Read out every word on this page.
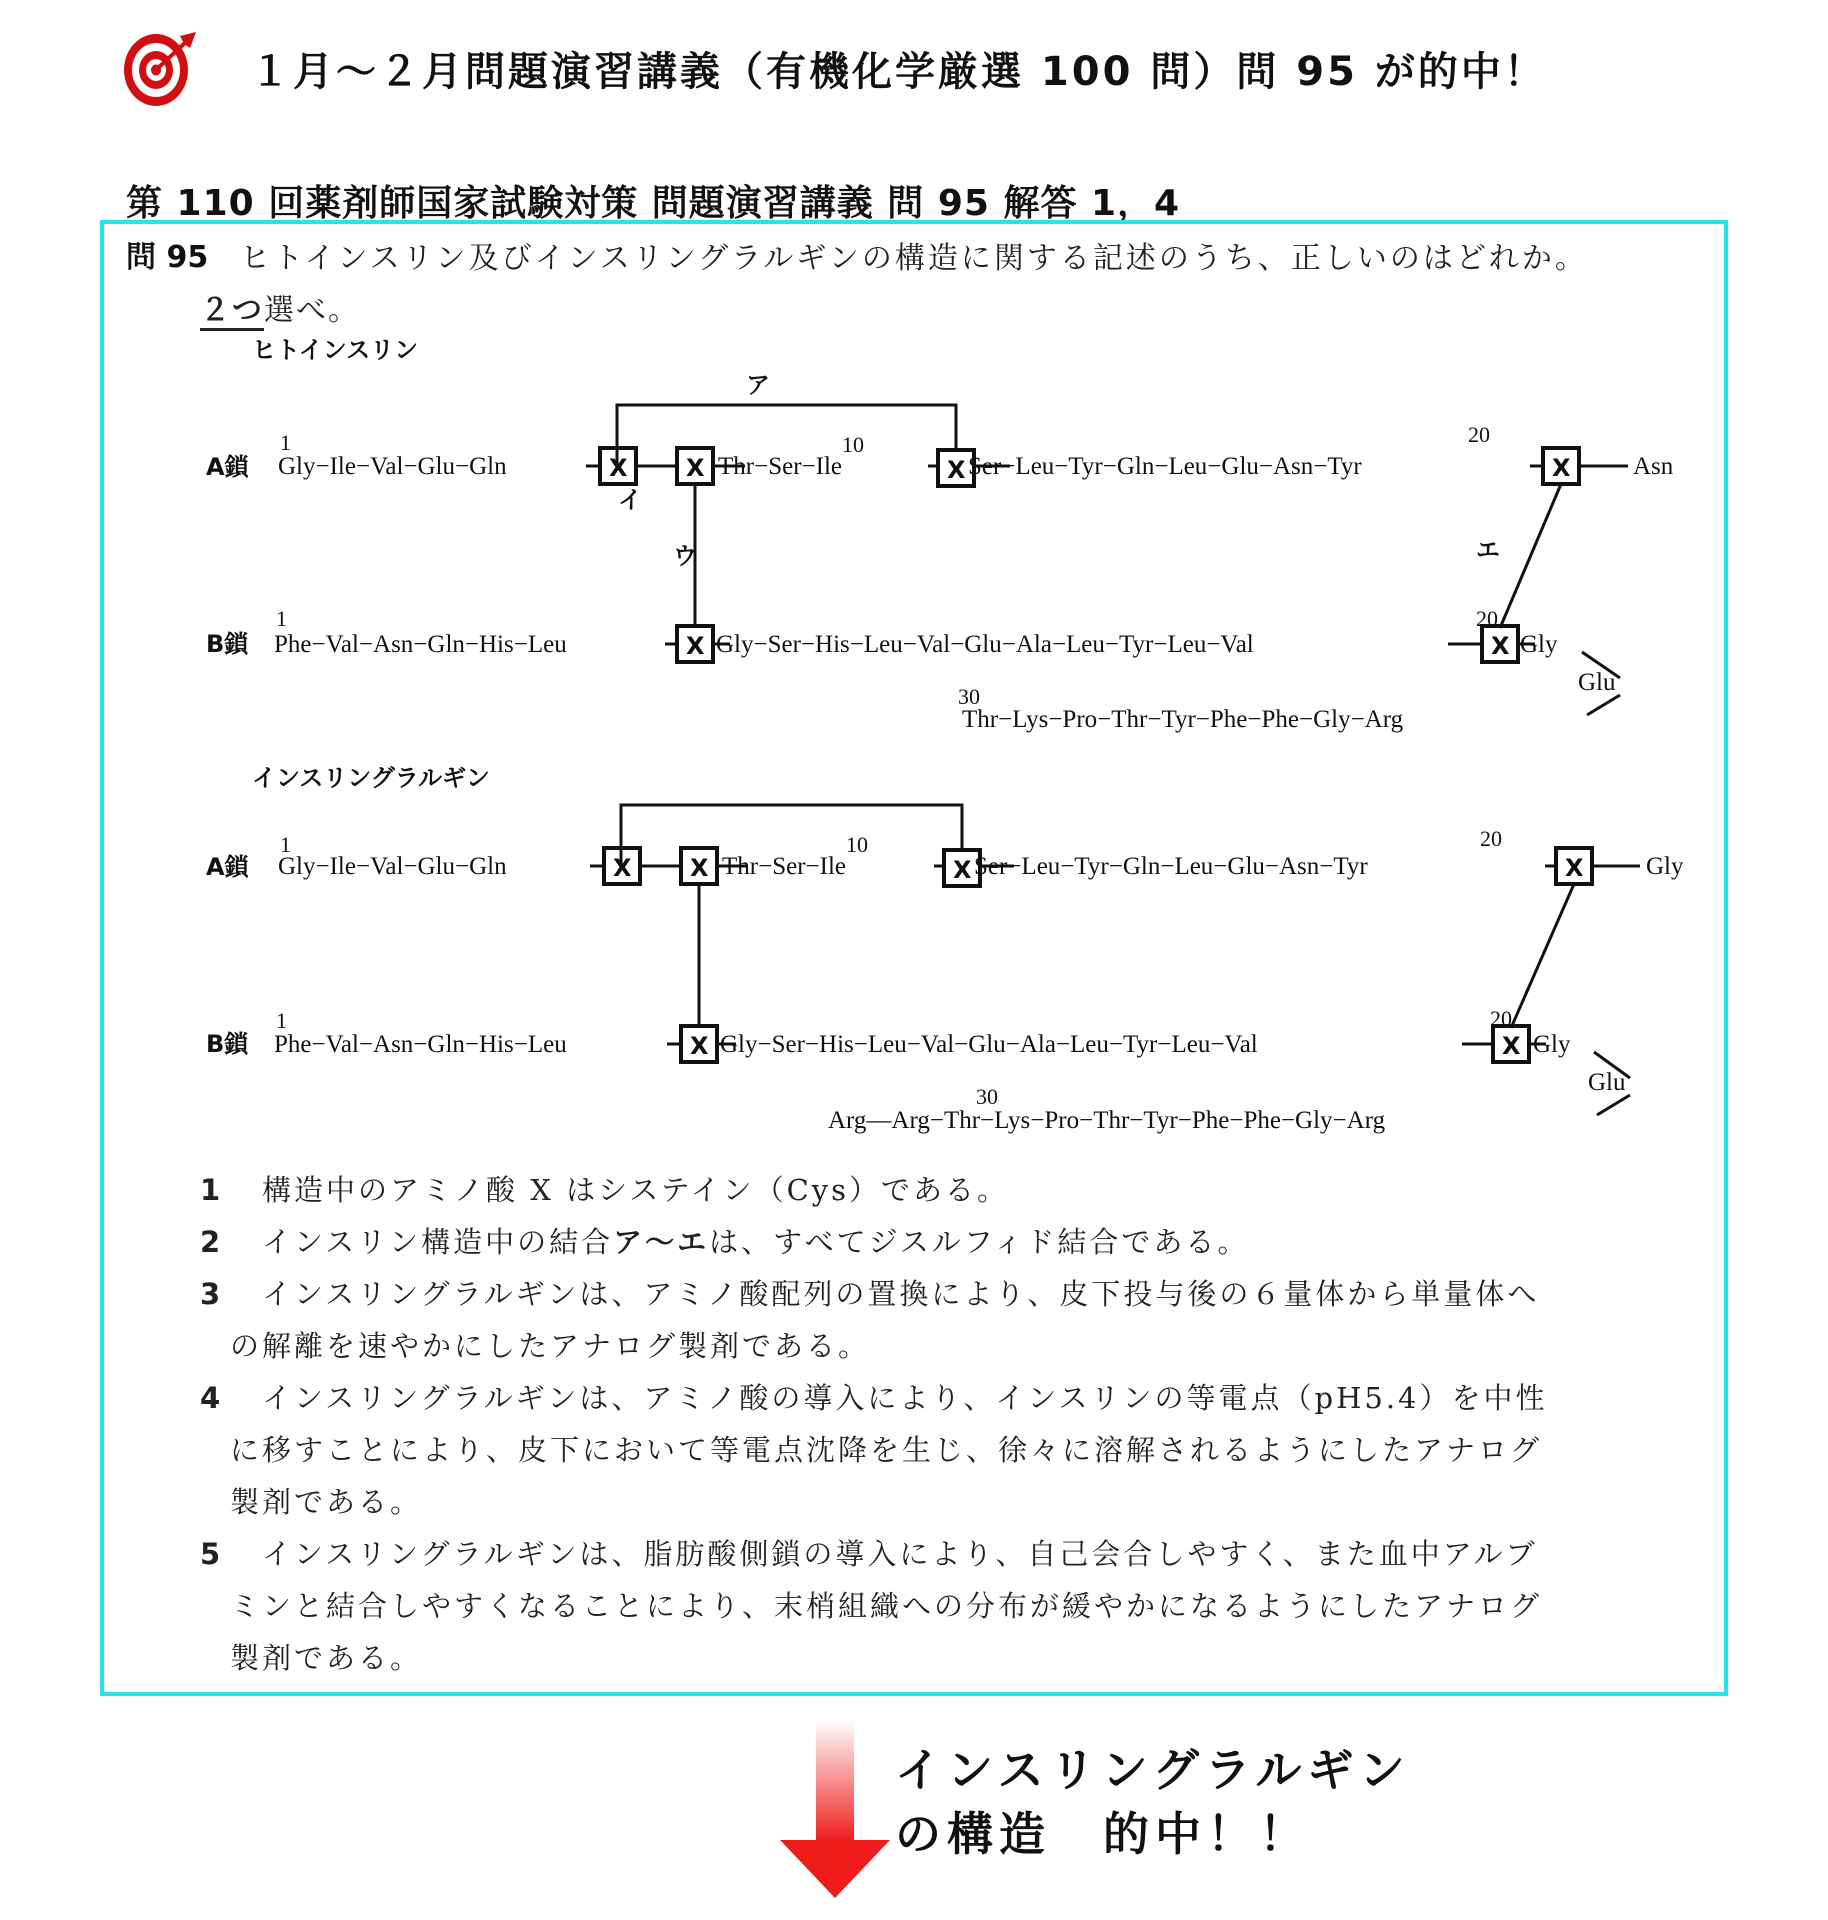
１月～２月問題演習講義（有機化学厳選 100 問）問 95 が的中！
第 110 回薬剤師国家試験対策 問題演習講義 問 95 解答 1，4
問 95 ヒトインスリン及びインスリングラルギンの構造に関する記述のうち、正しいのはどれか。
２つ選べ。
ヒトインスリン
ア
イ
ウ	エ
A鎖
1
Gly−Ile−Val−Glu−Gln	Thr−Ser−Ile
10
Ser−Leu−Tyr−Gln−Leu−Glu−Asn−Tyr
20
Asn
B鎖
1
Phe−Val−Asn−Gln−His−Leu	Gly−Ser−His−Leu−Val−Glu−Ala−Leu−Tyr−Leu−Val
20
Gly
Glu
30
Thr−Lys−Pro−Thr−Tyr−Phe−Phe−Gly−Arg
X X	X	X
X	X
インスリングラルギン
A鎖
1
Gly−Ile−Val−Glu−Gln	Thr−Ser−Ile
10
Ser−Leu−Tyr−Gln−Leu−Glu−Asn−Tyr
20
Gly
B鎖
1
Phe−Val−Asn−Gln−His−Leu	Gly−Ser−His−Leu−Val−Glu−Ala−Leu−Tyr−Leu−Val
20
Gly
Glu
30
Arg—Arg−Thr−Lys−Pro−Thr−Tyr−Phe−Phe−Gly−Arg
X X	X	X
X	X
1 構造中のアミノ酸 X はシステイン（Cys）である。
2 インスリン構造中の結合ア～エは、すべてジスルフィド結合である。
3 インスリングラルギンは、アミノ酸配列の置換により、皮下投与後の６量体から単量体へ
の解離を速やかにしたアナログ製剤である。
4 インスリングラルギンは、アミノ酸の導入により、インスリンの等電点（pH5.4）を中性
に移すことにより、皮下において等電点沈降を生じ、徐々に溶解されるようにしたアナログ
製剤である。
5 インスリングラルギンは、脂肪酸側鎖の導入により、自己会合しやすく、また血中アルブ
ミンと結合しやすくなることにより、末梢組織への分布が緩やかになるようにしたアナログ
製剤である。
インスリングラルギン
の構造　的中！！
